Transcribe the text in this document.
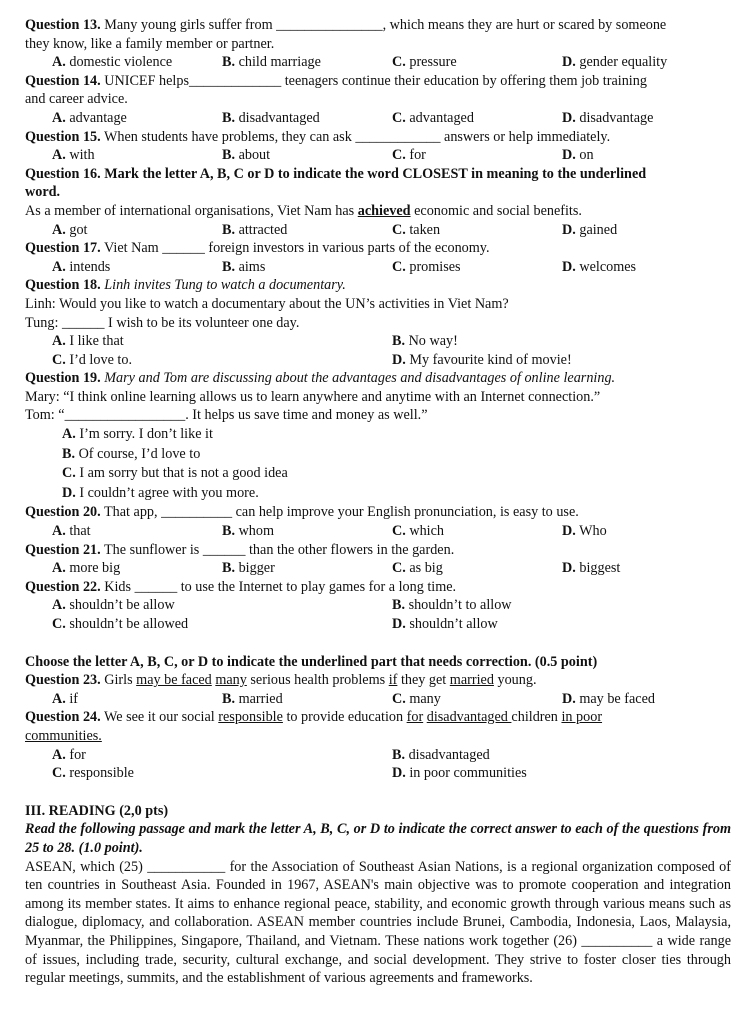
Question 13. Many young girls suffer from _______________, which means they are hurt or scared by someone
they know, like a family member or partner.
A. domestic violence	B. child marriage	C. pressure	D. gender equality
Question 14. UNICEF helps_____________ teenagers continue their education by offering them job training
and career advice.
A. advantage	B. disadvantaged	C. advantaged	D. disadvantage
Question 15. When students have problems, they can ask ____________ answers or help immediately.
A. with	B. about	C. for	D. on
Question 16. Mark the letter A, B, C or D to indicate the word CLOSEST in meaning to the underlined
word.
As a member of international organisations, Viet Nam has achieved economic and social benefits.
A. got	B. attracted	C. taken	D. gained
Question 17. Viet Nam ______ foreign investors in various parts of the economy.
A. intends	B. aims	C. promises	D. welcomes
Question 18. Linh invites Tung to watch a documentary.
Linh: Would you like to watch a documentary about the UN’s activities in Viet Nam?
Tung: ______ I wish to be its volunteer one day.
A. I like that	B. No way!
C. I’d love to.	D. My favourite kind of movie!
Question 19. Mary and Tom are discussing about the advantages and disadvantages of online learning.
Mary: “I think online learning allows us to learn anywhere and anytime with an Internet connection.”
Tom: “_________________. It helps us save time and money as well.”
A. I’m sorry. I don’t like it
B. Of course, I’d love to
C. I am sorry but that is not a good idea
D. I couldn’t agree with you more.
Question 20. That app, __________ can help improve your English pronunciation, is easy to use.
A. that	B. whom	C. which	D. Who
Question 21. The sunflower is ______ than the other flowers in the garden.
A. more big	B. bigger	C. as big	D. biggest
Question 22. Kids ______ to use the Internet to play games for a long time.
A. shouldn’t be allow	B. shouldn’t to allow
C. shouldn’t be allowed	D. shouldn’t allow
Choose the letter A, B, C, or D to indicate the underlined part that needs correction. (0.5 point)
Question 23. Girls may be faced many serious health problems if they get married young.
A. if	B. married	C. many	D. may be faced
Question 24. We see it our social responsible to provide education for disadvantaged children in poor
communities.
A. for	B. disadvantaged
C. responsible	D. in poor communities
III. READING (2,0 pts)
Read the following passage and mark the letter A, B, C, or D to indicate the correct answer to each of the questions from 25 to 28. (1.0 point).
ASEAN, which (25) ___________ for the Association of Southeast Asian Nations, is a regional organization composed of ten countries in Southeast Asia. Founded in 1967, ASEAN's main objective was to promote cooperation and integration among its member states. It aims to enhance regional peace, stability, and economic growth through various means such as dialogue, diplomacy, and collaboration. ASEAN member countries include Brunei, Cambodia, Indonesia, Laos, Malaysia, Myanmar, the Philippines, Singapore, Thailand, and Vietnam. These nations work together (26) __________ a wide range of issues, including trade, security, cultural exchange, and social development. They strive to foster closer ties through regular meetings, summits, and the establishment of various agreements and frameworks.
